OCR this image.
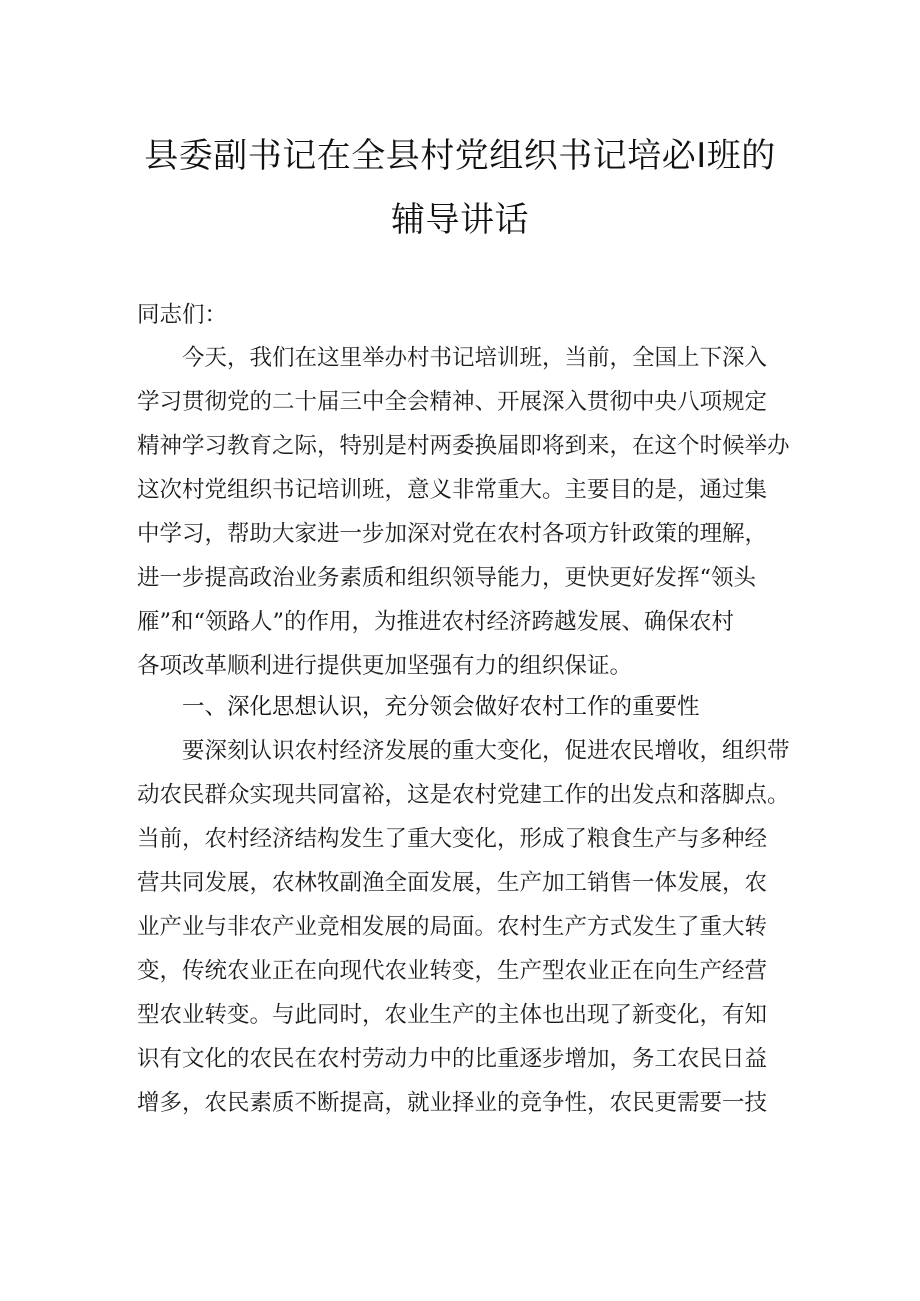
县委副书记在全县村党组织书记培必I班的
辅导讲话
同志们：
　　今天，我们在这里举办村书记培训班，当前，全国上下深入
学习贯彻党的二十届三中全会精神、开展深入贯彻中央八项规定
精神学习教育之际，特别是村两委换届即将到来，在这个时候举办
这次村党组织书记培训班，意义非常重大。主要目的是，通过集
中学习，帮助大家进一步加深对党在农村各项方针政策的理解，
进一步提高政治业务素质和组织领导能力，更快更好发挥“领头
雁”和“领路人”的作用，为推进农村经济跨越发展、确保农村
各项改革顺利进行提供更加坚强有力的组织保证。
　　一、深化思想认识，充分领会做好农村工作的重要性
　　要深刻认识农村经济发展的重大变化，促进农民增收，组织带
动农民群众实现共同富裕，这是农村党建工作的出发点和落脚点。
当前，农村经济结构发生了重大变化，形成了粮食生产与多种经
营共同发展，农林牧副渔全面发展，生产加工销售一体发展，农
业产业与非农产业竞相发展的局面。农村生产方式发生了重大转
变，传统农业正在向现代农业转变，生产型农业正在向生产经营
型农业转变。与此同时，农业生产的主体也出现了新变化，有知
识有文化的农民在农村劳动力中的比重逐步增加，务工农民日益
增多，农民素质不断提高，就业择业的竞争性，农民更需要一技
